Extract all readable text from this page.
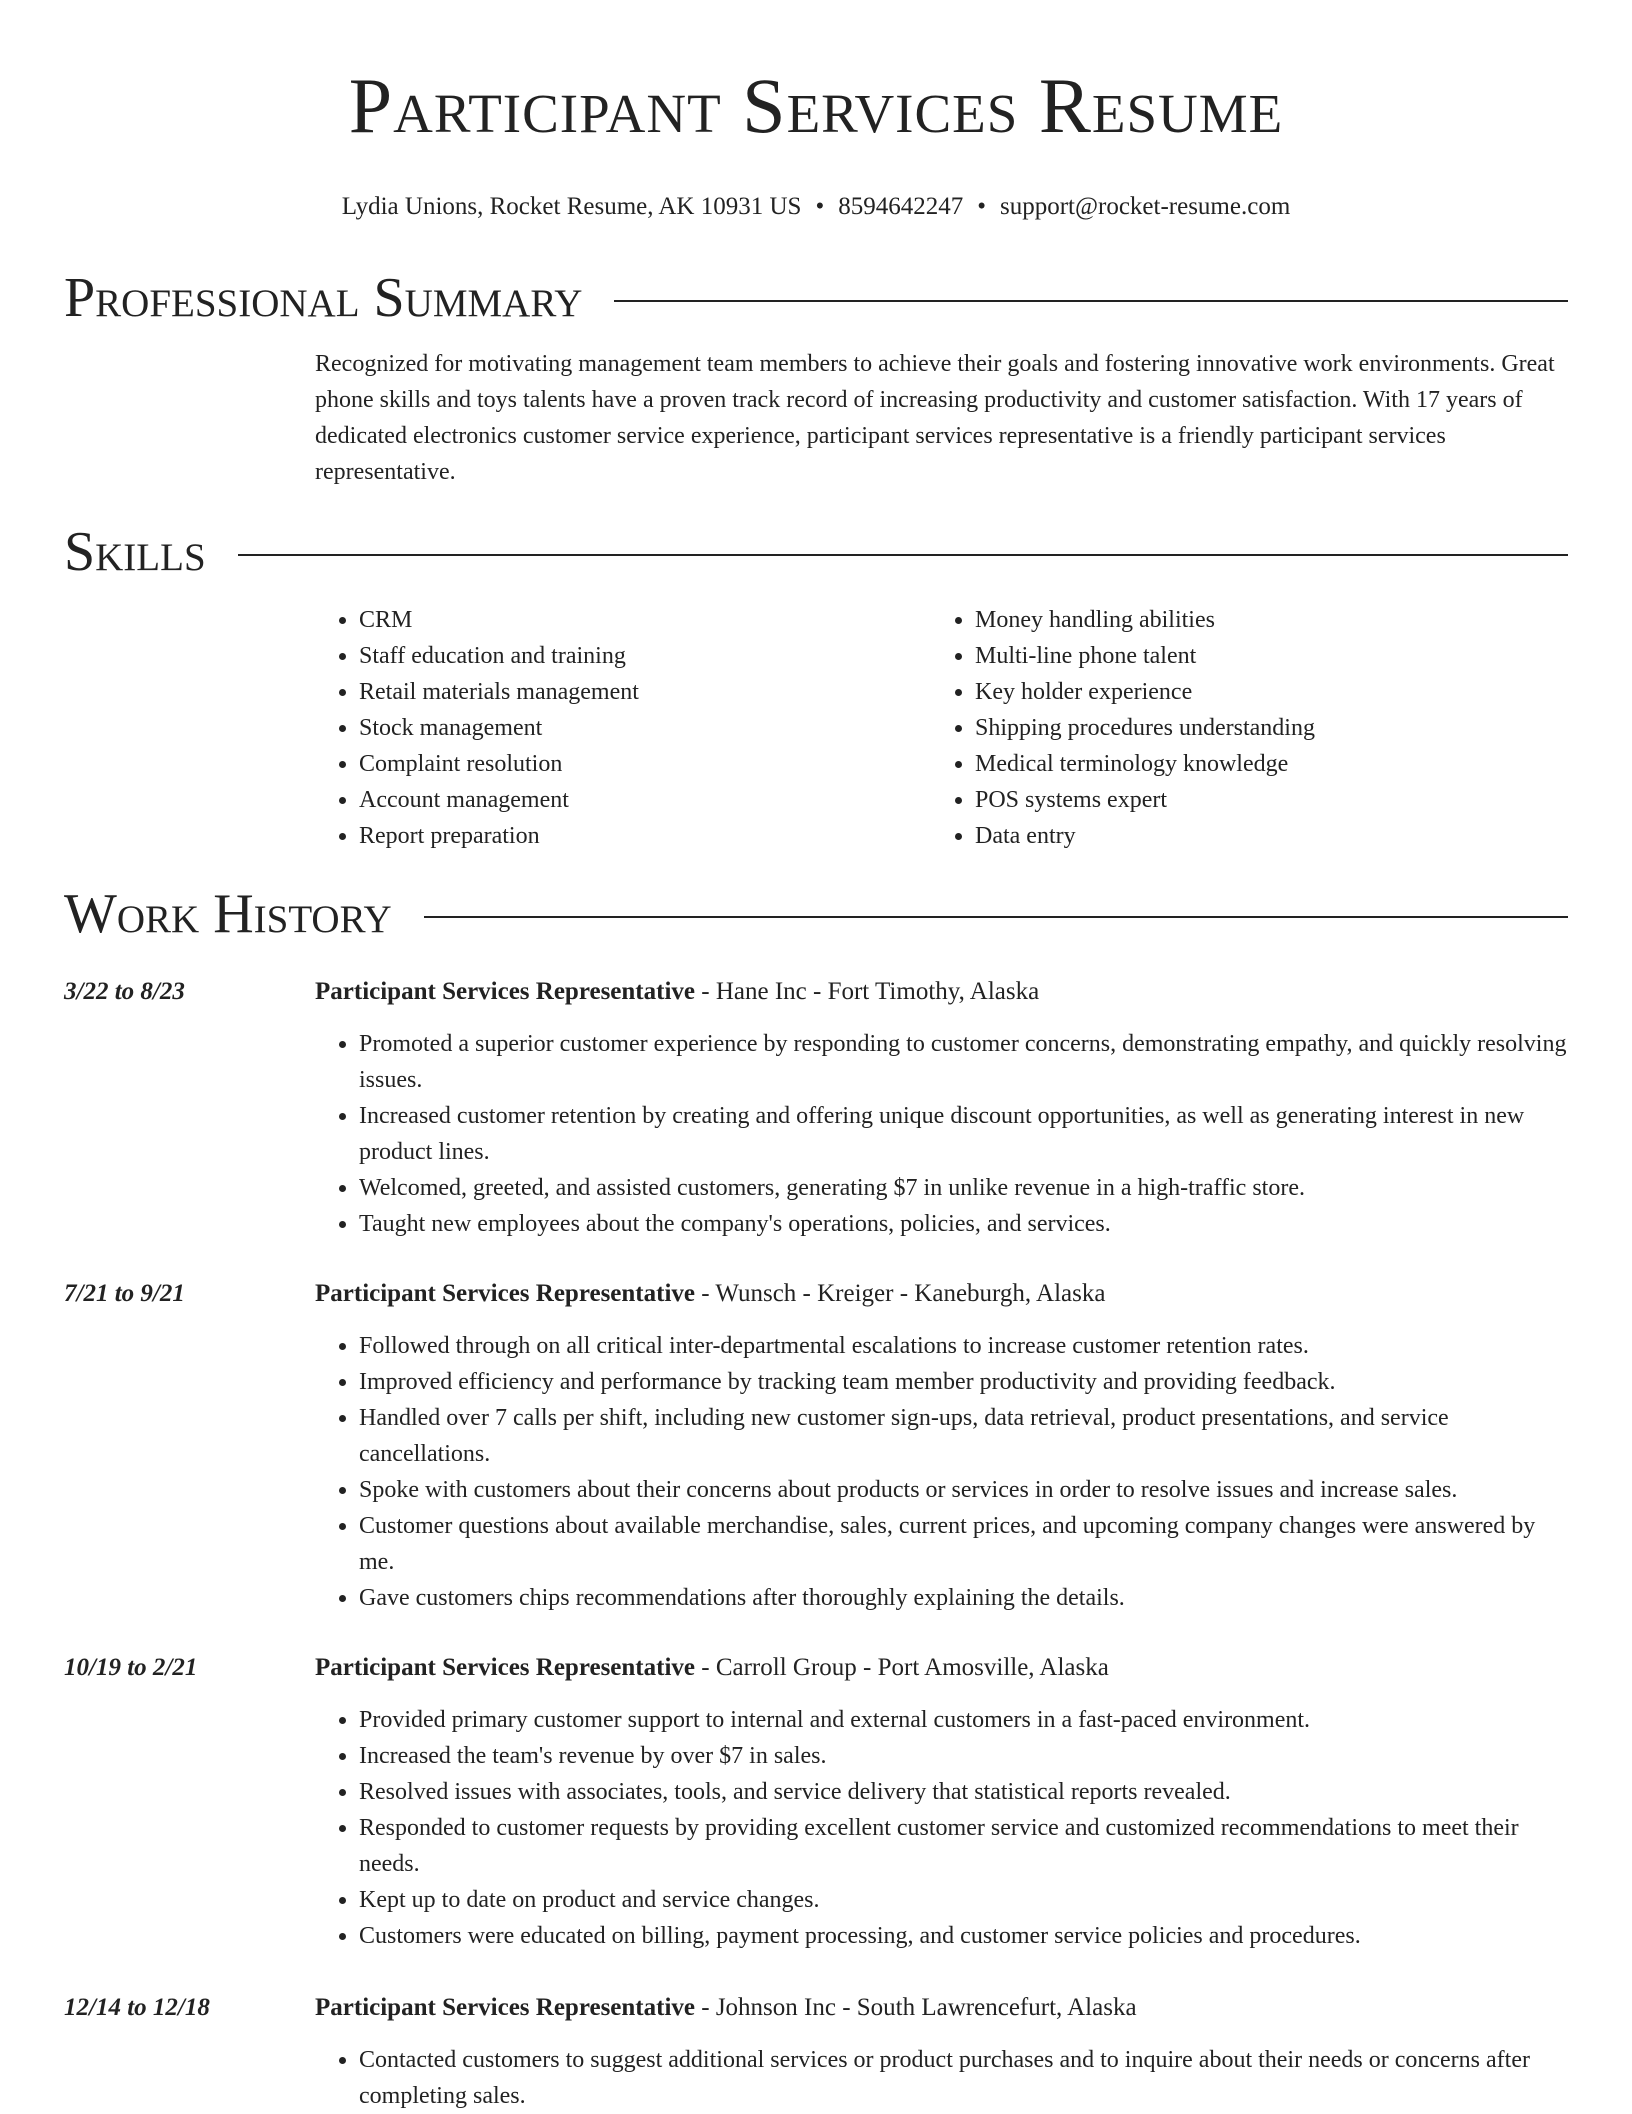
Participant Services Resume
Lydia Unions, Rocket Resume, AK 10931 US • 8594642247 • support@rocket-resume.com
Professional Summary
Recognized for motivating management team members to achieve their goals and fostering innovative work environments. Great phone skills and toys talents have a proven track record of increasing productivity and customer satisfaction. With 17 years of dedicated electronics customer service experience, participant services representative is a friendly participant services representative.
Skills
• CRM
• Staff education and training
• Retail materials management
• Stock management
• Complaint resolution
• Account management
• Report preparation
• Money handling abilities
• Multi-line phone talent
• Key holder experience
• Shipping procedures understanding
• Medical terminology knowledge
• POS systems expert
• Data entry
Work History
3/22 to 8/23	Participant Services Representative - Hane Inc - Fort Timothy, Alaska
• Promoted a superior customer experience by responding to customer concerns, demonstrating empathy, and quickly resolving issues.
• Increased customer retention by creating and offering unique discount opportunities, as well as generating interest in new product lines.
• Welcomed, greeted, and assisted customers, generating $7 in unlike revenue in a high-traffic store.
• Taught new employees about the company's operations, policies, and services.
7/21 to 9/21	Participant Services Representative - Wunsch - Kreiger - Kaneburgh, Alaska
• Followed through on all critical inter-departmental escalations to increase customer retention rates.
• Improved efficiency and performance by tracking team member productivity and providing feedback.
• Handled over 7 calls per shift, including new customer sign-ups, data retrieval, product presentations, and service cancellations.
• Spoke with customers about their concerns about products or services in order to resolve issues and increase sales.
• Customer questions about available merchandise, sales, current prices, and upcoming company changes were answered by me.
• Gave customers chips recommendations after thoroughly explaining the details.
10/19 to 2/21	Participant Services Representative - Carroll Group - Port Amosville, Alaska
• Provided primary customer support to internal and external customers in a fast-paced environment.
• Increased the team's revenue by over $7 in sales.
• Resolved issues with associates, tools, and service delivery that statistical reports revealed.
• Responded to customer requests by providing excellent customer service and customized recommendations to meet their needs.
• Kept up to date on product and service changes.
• Customers were educated on billing, payment processing, and customer service policies and procedures.
12/14 to 12/18	Participant Services Representative - Johnson Inc - South Lawrencefurt, Alaska
• Contacted customers to suggest additional services or product purchases and to inquire about their needs or concerns after completing sales.
